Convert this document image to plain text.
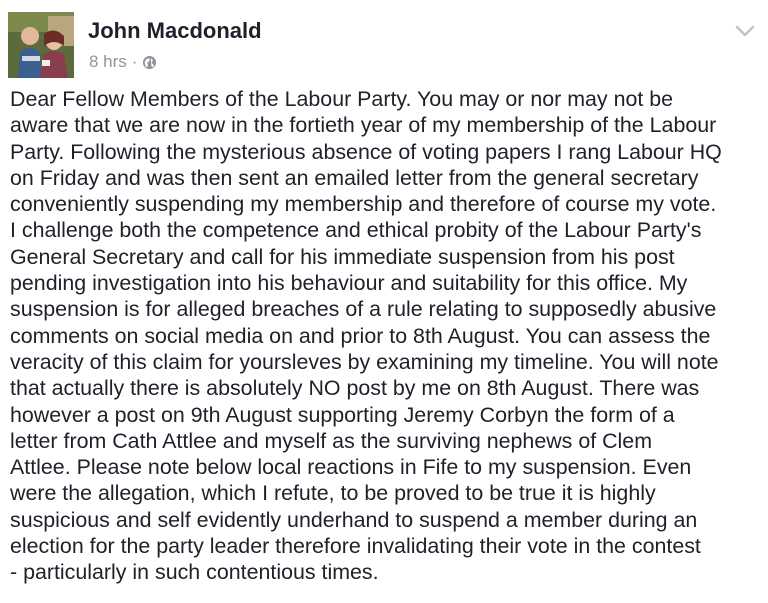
John Macdonald
8 hrs ·
Dear Fellow Members of the Labour Party. You may or nor may not be
aware that we are now in the fortieth year of my membership of the Labour
Party. Following the mysterious absence of voting papers I rang Labour HQ
on Friday and was then sent an emailed letter from the general secretary
conveniently suspending my membership and therefore of course my vote.
I challenge both the competence and ethical probity of the Labour Party's
General Secretary and call for his immediate suspension from his post
pending investigation into his behaviour and suitability for this office. My
suspension is for alleged breaches of a rule relating to supposedly abusive
comments on social media on and prior to 8th August. You can assess the
veracity of this claim for yoursleves by examining my timeline. You will note
that actually there is absolutely NO post by me on 8th August. There was
however a post on 9th August supporting Jeremy Corbyn the form of a
letter from Cath Attlee and myself as the surviving nephews of Clem
Attlee. Please note below local reactions in Fife to my suspension. Even
were the allegation, which I refute, to be proved to be true it is highly
suspicious and self evidently underhand to suspend a member during an
election for the party leader therefore invalidating their vote in the contest
- particularly in such contentious times.
